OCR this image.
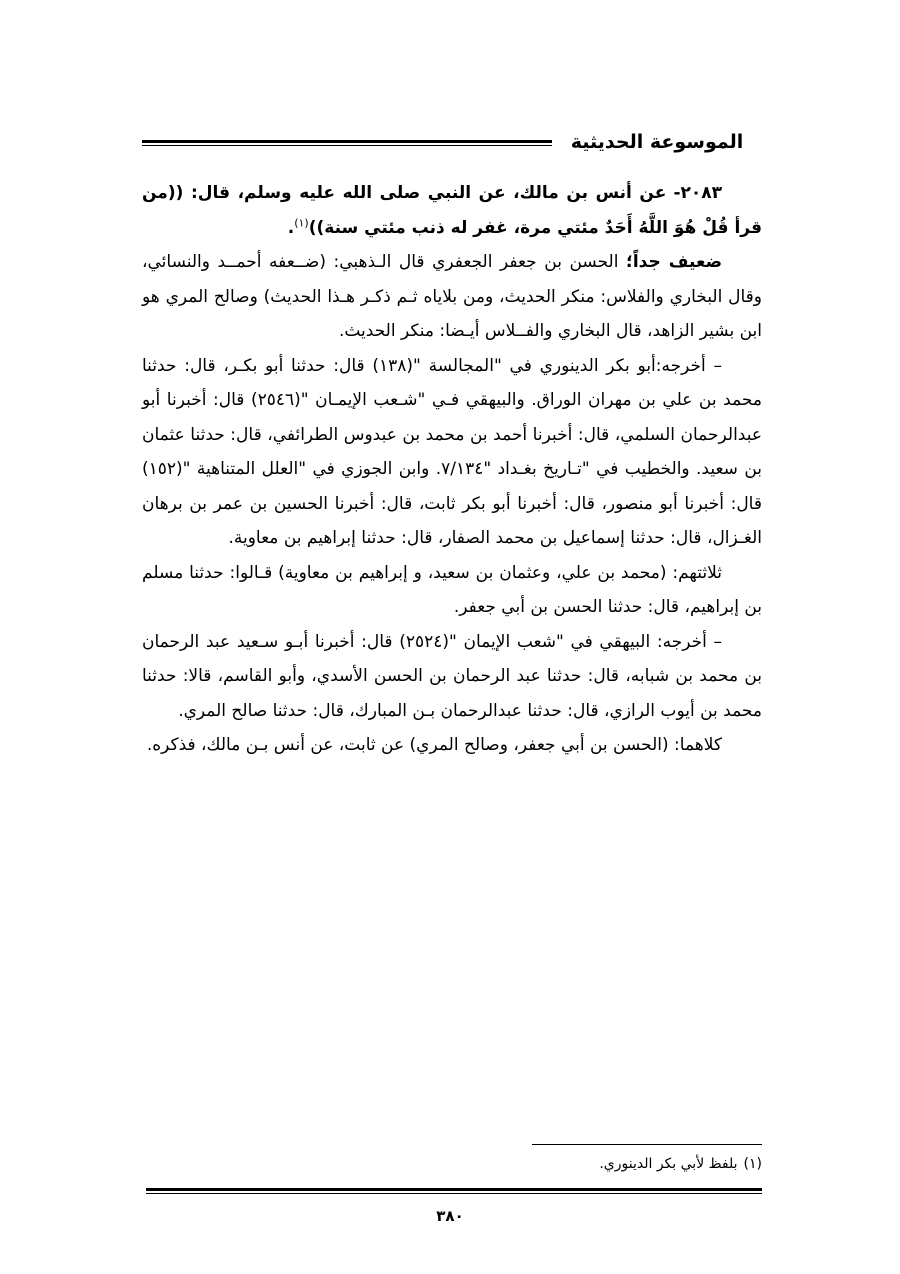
الموسوعة الحديثية

٢٠٨٣- عن أنس بن مالك، عن النبي صلى الله عليه وسلم، قال: ((من قرأ قُلْ هُوَ اللَّهُ أَحَدٌ مئتي مرة، غفر له ذنب مئتي سنة))$^{(١)}$.

ضعيف جداً؛ الحسن بن جعفر الجعفري قال الـذهبي: (ضــعفه أحمــد والنسائي، وقال البخاري والفلاس: منكر الحديث، ومن بلاياه ثـم ذكـر هـذا الحديث) وصالح المري هو ابن بشير الزاهد، قال البخاري والفــلاس أيـضا: منكر الحديث.

– أخرجه:أبو بكر الدينوري في "المجالسة "(١٣٨) قال: حدثنا أبو بكـر، قال: حدثنا محمد بن علي بن مهران الوراق. والبيهقي فـي "شـعب الإيمـان "(٢٥٤٦) قال: أخبرنا أبو عبدالرحمان السلمي، قال: أخبرنا أحمد بن محمد بن عبدوس الطرائفي، قال: حدثنا عثمان بن سعيد. والخطيب في "تـاريخ بغـداد "٧/١٣٤. وابن الجوزي في "العلل المتناهية "(١٥٢) قال: أخبرنا أبو منصور، قال: أخبرنا أبو بكر ثابت، قال: أخبرنا الحسين بن عمر بن برهان الغـزال، قال: حدثنا إسماعيل بن محمد الصفار، قال: حدثنا إبراهيم بن معاوية.

ثلاثتهم: (محمد بن علي، وعثمان بن سعيد، و إبراهيم بن معاوية) قـالوا: حدثنا مسلم بن إبراهيم، قال: حدثنا الحسن بن أبي جعفر.

– أخرجه: البيهقي في "شعب الإيمان "(٢٥٢٤) قال: أخبرنا أبـو سـعيد عبد الرحمان بن محمد بن شبابه، قال: حدثنا عبد الرحمان بن الحسن الأسدي، وأبو القاسم، قالا: حدثنا محمد بن أيوب الرازي، قال: حدثنا عبدالرحمان بـن المبارك، قال: حدثنا صالح المري.

كلاهما: (الحسن بن أبي جعفر، وصالح المري) عن ثابت، عن أنس بـن مالك، فذكره.

(١)بلفظ لأبي بكر الدينوري.
٣٨٠
